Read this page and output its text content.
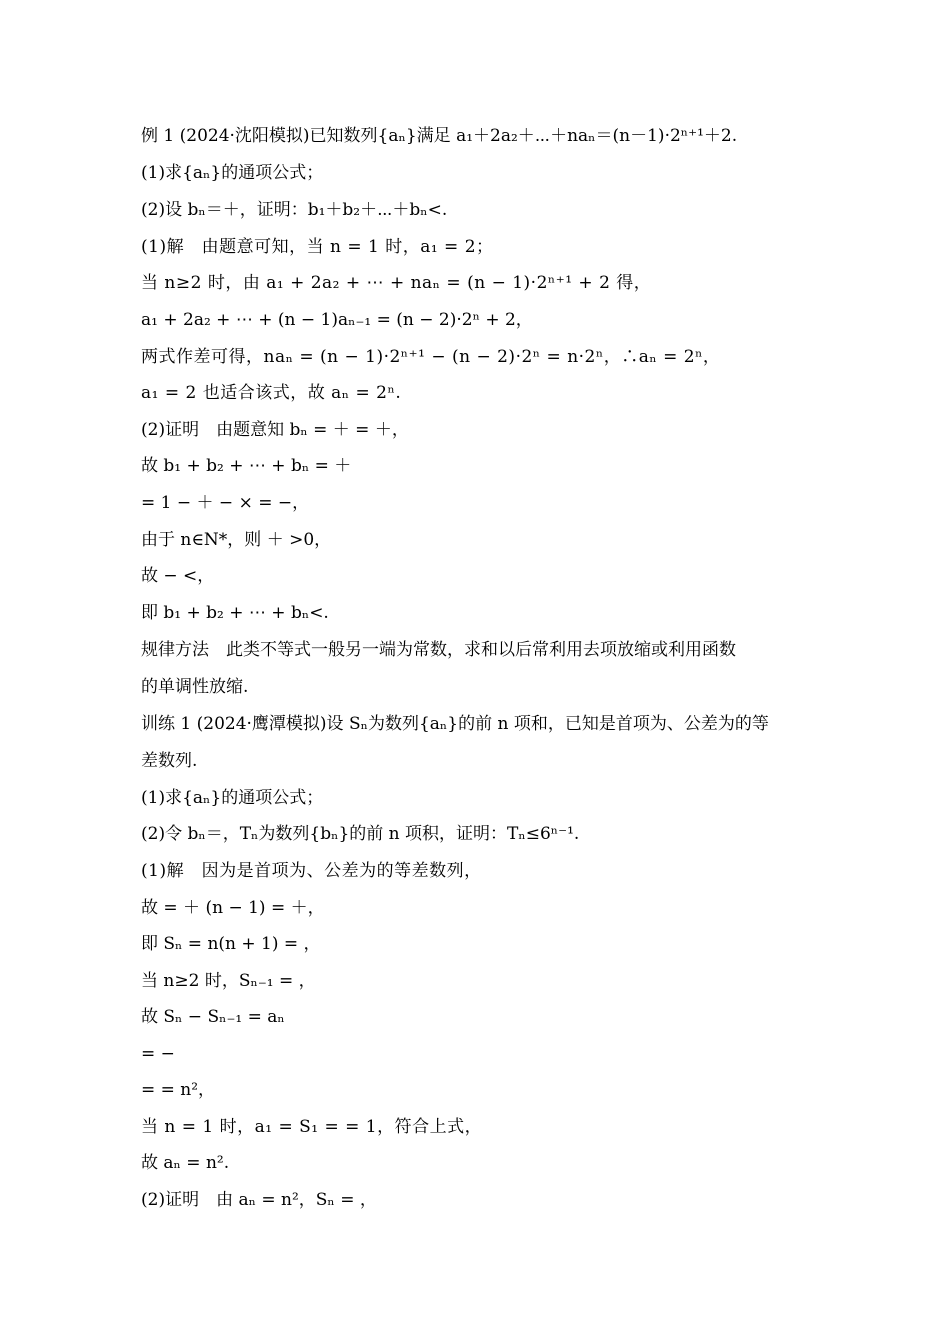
例 1 (2024·沈阳模拟)已知数列{aₙ}满足 a₁＋2a₂＋⋯＋naₙ＝(n－1)·2ⁿ⁺¹＋2.
(1)求{aₙ}的通项公式；
(2)设 bₙ＝＋，证明：b₁＋b₂＋⋯＋bₙ<.
(1)解　由题意可知，当 n = 1 时，a₁ = 2；
当 n≥2 时，由 a₁ + 2a₂ + ⋯ + naₙ = (n − 1)·2ⁿ⁺¹ + 2 得，
a₁ + 2a₂ + ⋯ + (n − 1)aₙ₋₁ = (n − 2)·2ⁿ + 2，
两式作差可得，naₙ = (n − 1)·2ⁿ⁺¹ − (n − 2)·2ⁿ = n·2ⁿ，∴aₙ = 2ⁿ，
a₁ = 2 也适合该式，故 aₙ = 2ⁿ.
(2)证明　由题意知 bₙ = ＋ = ＋，
故 b₁ + b₂ + ⋯ + bₙ = ＋
= 1 − ＋ − × = −，
由于 n∈N*，则 ＋ >0，
故 − <，
即 b₁ + b₂ + ⋯ + bₙ<.
规律方法　此类不等式一般另一端为常数，求和以后常利用去项放缩或利用函数
的单调性放缩.
训练 1 (2024·鹰潭模拟)设 Sₙ为数列{aₙ}的前 n 项和，已知是首项为、公差为的等
差数列.
(1)求{aₙ}的通项公式；
(2)令 bₙ＝，Tₙ为数列{bₙ}的前 n 项积，证明：Tₙ≤6ⁿ⁻¹.
(1)解　因为是首项为、公差为的等差数列，
故 = ＋ (n − 1) = ＋，
即 Sₙ = n(n + 1) = ，
当 n≥2 时，Sₙ₋₁ = ，
故 Sₙ − Sₙ₋₁ = aₙ
= −
= = n²，
当 n = 1 时，a₁ = S₁ = = 1，符合上式，
故 aₙ = n².
(2)证明　由 aₙ = n²，Sₙ = ，
